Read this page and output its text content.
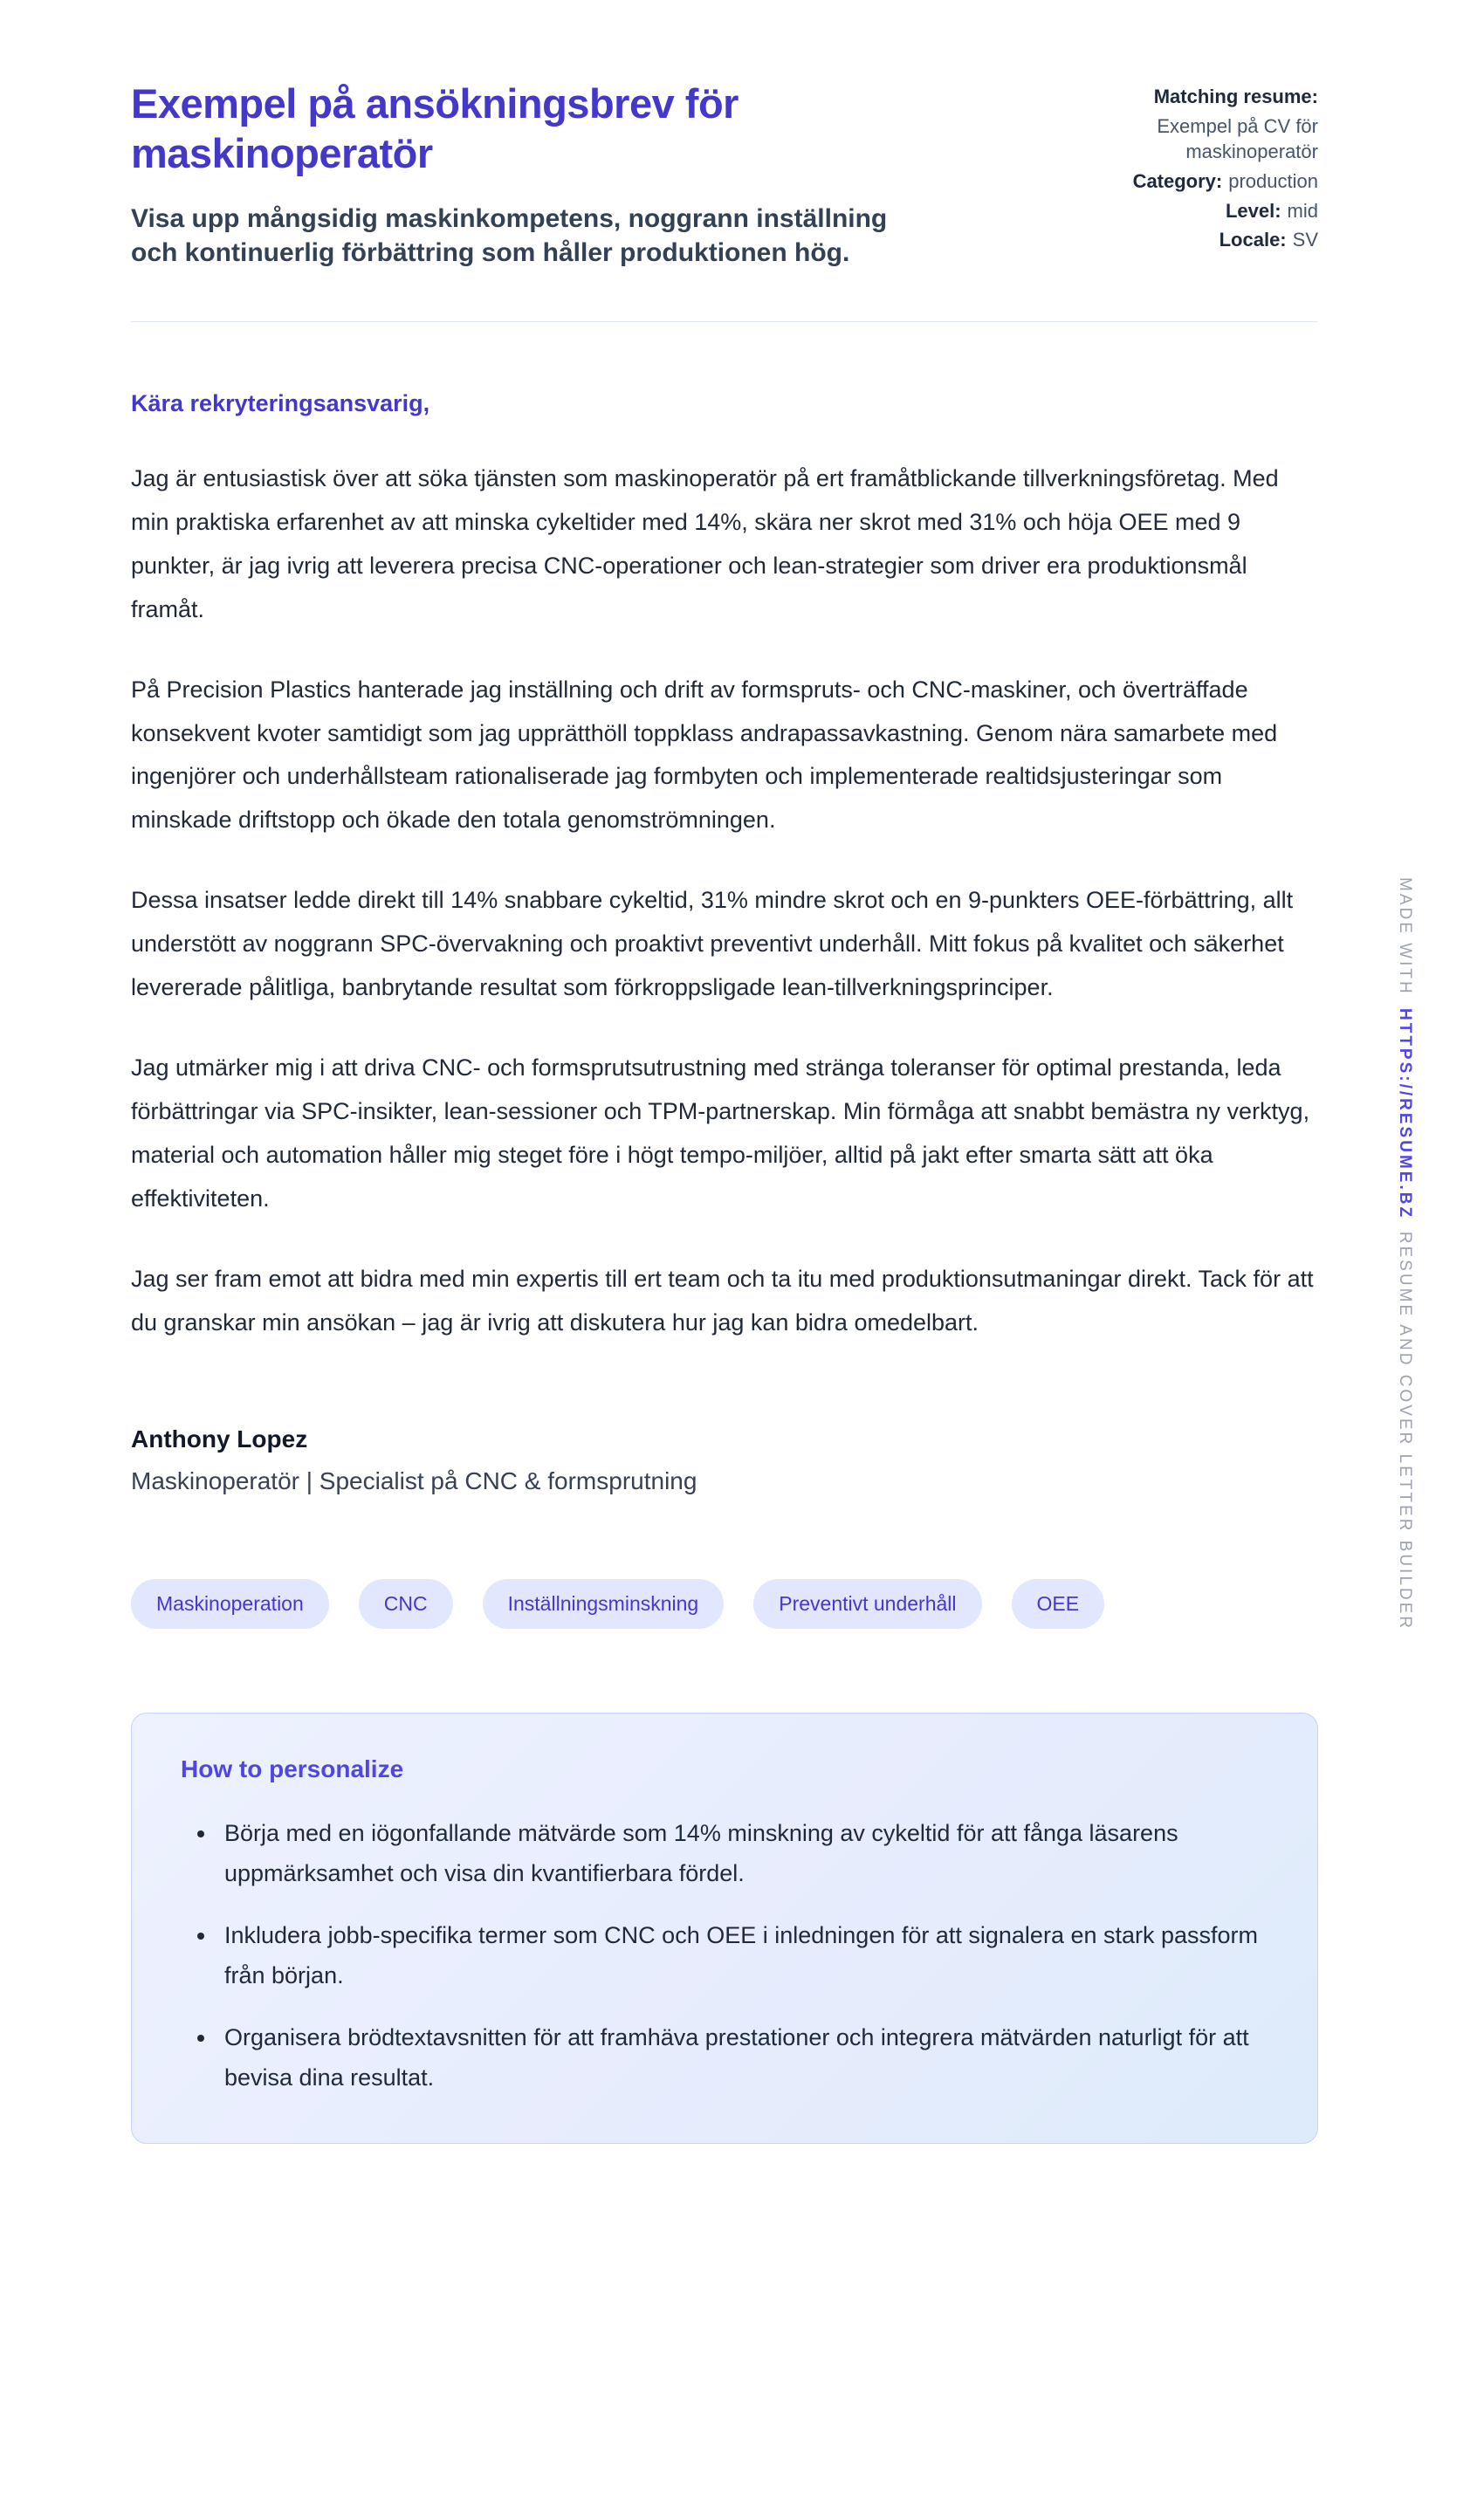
Exempel på ansökningsbrev för maskinoperatör
Visa upp mångsidig maskinkompetens, noggrann inställning och kontinuerlig förbättring som håller produktionen hög.
Matching resume:
Exempel på CV för maskinoperatör
Category: production
Level: mid
Locale: SV
Kära rekryteringsansvarig,

Jag är entusiastisk över att söka tjänsten som maskinoperatör på ert framåtblickande tillverkningsföretag. Med min praktiska erfarenhet av att minska cykeltider med 14%, skära ner skrot med 31% och höja OEE med 9 punkter, är jag ivrig att leverera precisa CNC-operationer och lean-strategier som driver era produktionsmål framåt.

På Precision Plastics hanterade jag inställning och drift av formspruts- och CNC-maskiner, och överträffade konsekvent kvoter samtidigt som jag upprätthöll toppklass andrapassavkastning. Genom nära samarbete med ingenjörer och underhållsteam rationaliserade jag formbyten och implementerade realtidsjusteringar som minskade driftstopp och ökade den totala genomströmningen.

Dessa insatser ledde direkt till 14% snabbare cykeltid, 31% mindre skrot och en 9-punkters OEE-förbättring, allt understött av noggrann SPC-övervakning och proaktivt preventivt underhåll. Mitt fokus på kvalitet och säkerhet levererade pålitliga, banbrytande resultat som förkroppsligade lean-tillverkningsprinciper.

Jag utmärker mig i att driva CNC- och formsprutsutrustning med stränga toleranser för optimal prestanda, leda förbättringar via SPC-insikter, lean-sessioner och TPM-partnerskap. Min förmåga att snabbt bemästra ny verktyg, material och automation håller mig steget före i högt tempo-miljöer, alltid på jakt efter smarta sätt att öka effektiviteten.

Jag ser fram emot att bidra med min expertis till ert team och ta itu med produktionsutmaningar direkt. Tack för att du granskar min ansökan – jag är ivrig att diskutera hur jag kan bidra omedelbart.

Anthony Lopez
Maskinoperatör | Specialist på CNC & formsprutning
Maskinoperation	CNC	Inställningsminskning	Preventivt underhåll	OEE
How to personalize
• Börja med en iögonfallande mätvärde som 14% minskning av cykeltid för att fånga läsarens uppmärksamhet och visa din kvantifierbara fördel.
• Inkludera jobb-specifika termer som CNC och OEE i inledningen för att signalera en stark passform från början.
• Organisera brödtextavsnitten för att framhäva prestationer och integrera mätvärden naturligt för att bevisa dina resultat.
MADE WITHHTTPS://RESUME.BZRESUME AND COVER LETTER BUILDER
